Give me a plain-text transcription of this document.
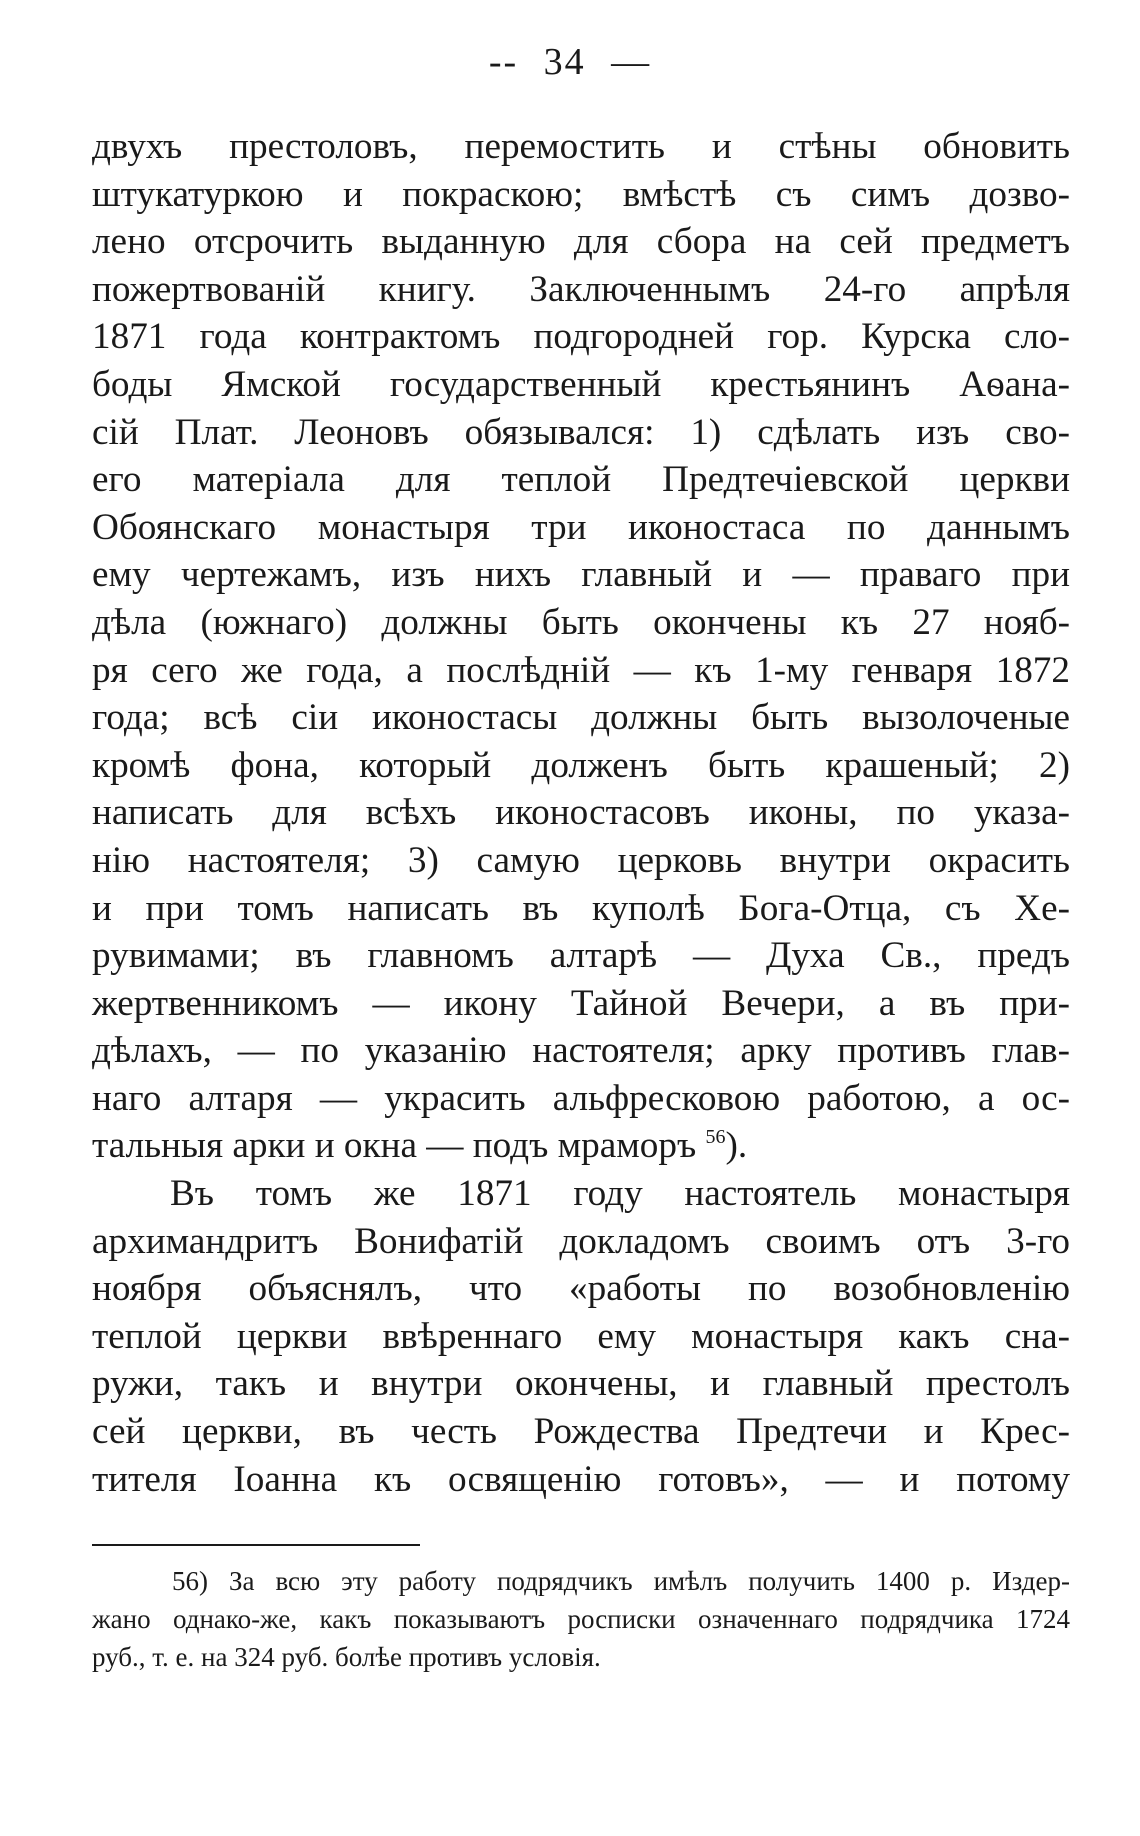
-- 34 —
двухъ престоловъ, перемостить и стѣны обновить
штукатуркою и покраскою; вмѣстѣ съ симъ дозво-
лено отсрочить выданную для сбора на сей предметъ
пожертвованій книгу. Заключеннымъ 24-го апрѣля
1871 года контрактомъ подгородней гор. Курска сло-
боды Ямской государственный крестьянинъ Аѳана-
сій Плат. Леоновъ обязывался: 1) сдѣлать изъ сво-
его матеріала для теплой Предтечіевской церкви
Обоянскаго монастыря три иконостаса по даннымъ
ему чертежамъ, изъ нихъ главный и — праваго при
дѣла (южнаго) должны быть окончены къ 27 нояб-
ря сего же года, а послѣдній — къ 1-му генваря 1872
года; всѣ сіи иконостасы должны быть вызолоченые
кромѣ фона, который долженъ быть крашеный; 2)
написать для всѣхъ иконостасовъ иконы, по указа-
нію настоятеля; 3) самую церковь внутри окрасить
и при томъ написать въ куполѣ Бога-Отца, съ Хе-
рувимами; въ главномъ алтарѣ — Духа Св., предъ
жертвенникомъ — икону Тайной Вечери, а въ при-
дѣлахъ, — по указанію настоятеля; арку противъ глав-
наго алтаря — украсить альфресковою работою, а ос-
тальныя арки и окна — подъ мраморъ $^{56}$).
Въ томъ же 1871 году настоятель монастыря
архимандритъ Вонифатій докладомъ своимъ отъ 3-го
ноября объяснялъ, что «работы по возобновленію
теплой церкви ввѣреннаго ему монастыря какъ сна-
ружи, такъ и внутри окончены, и главный престолъ
сей церкви, въ честь Рождества Предтечи и Крес-
тителя Іоанна къ освященію готовъ», — и потому
56) За всю эту работу подрядчикъ имѣлъ получить 1400 р. Издер-
жано однако-же, какъ показываютъ росписки означеннаго подрядчика 1724
руб., т. е. на 324 руб. болѣе противъ условія.
